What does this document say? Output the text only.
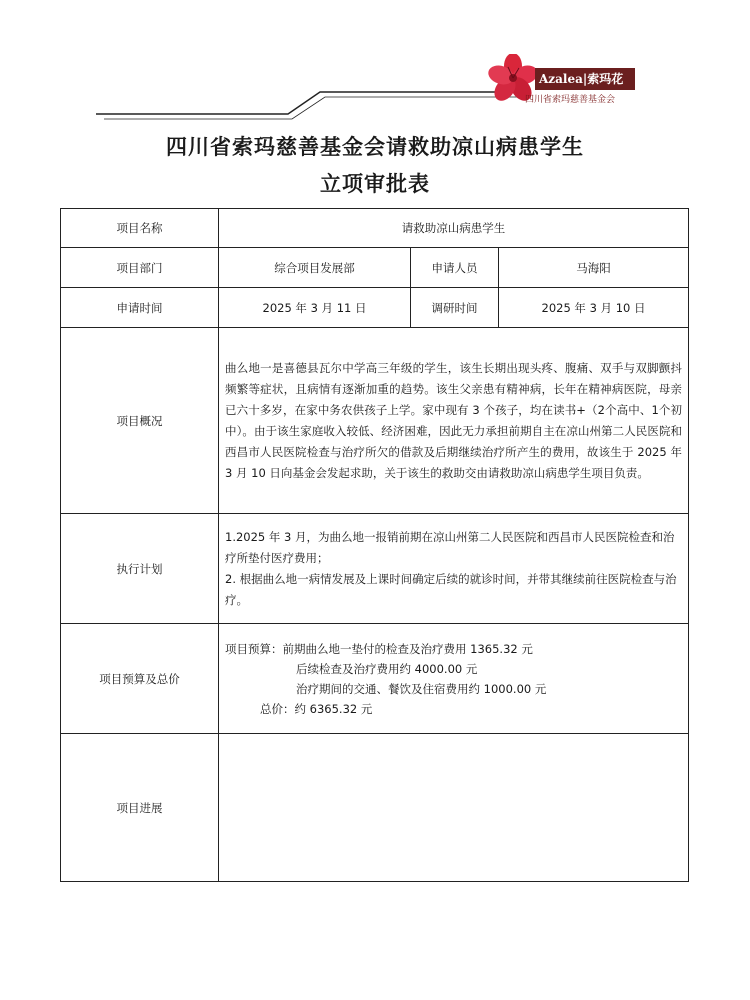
Azalea|索玛花
四川省索玛慈善基金会
四川省索玛慈善基金会请救助凉山病患学生
立项审批表
项目名称	请救助凉山病患学生		
项目部门	综合项目发展部	申请人员	马海阳
申请时间	2025 年 3 月 11 日	调研时间	2025 年 3 月 10 日
项目概况	曲么地一是喜德县瓦尔中学高三年级的学生，该生长期出现头疼、腹痛、双手与双脚颤抖频繁等症状，且病情有逐渐加重的趋势。该生父亲患有精神病，长年在精神病医院，母亲已六十多岁，在家中务农供孩子上学。家中现有 3 个孩子，均在读书+（2个高中、1个初中）。由于该生家庭收入较低、经济困难，因此无力承担前期自主在凉山州第二人民医院和西昌市人民医院检查与治疗所欠的借款及后期继续治疗所产生的费用，故该生于 2025 年 3 月 10 日向基金会发起求助，关于该生的救助交由请救助凉山病患学生项目负责。		
执行计划	1.2025 年 3 月，为曲么地一报销前期在凉山州第二人民医院和西昌市人民医院检查和治疗所垫付医疗费用；
2. 根据曲么地一病情发展及上课时间确定后续的就诊时间，并带其继续前往医院检查与治疗。		

项目预算及总价	项目预算：前期曲么地一垫付的检查及治疗费用 1365.32 元
后续检查及治疗费用约 4000.00 元
治疗期间的交通、餐饮及住宿费用约 1000.00 元
总价：约 6365.32 元		

项目进展			
